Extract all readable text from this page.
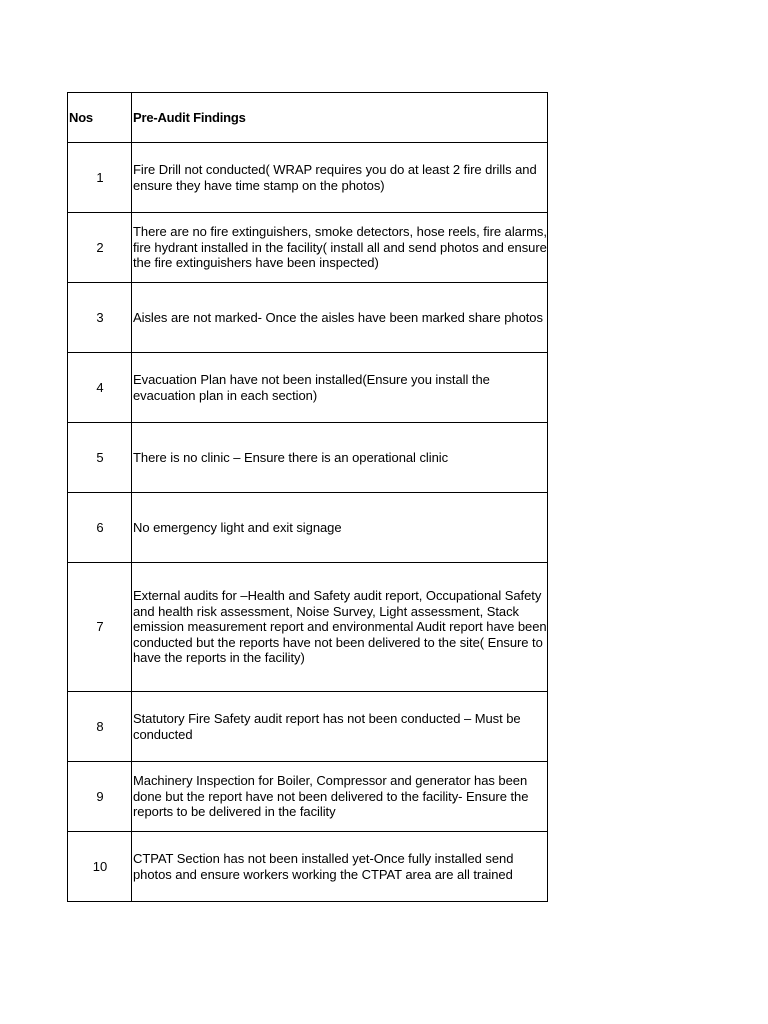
Nos	Pre-Audit Findings
1	Fire Drill not conducted( WRAP requires you do at least 2 fire drills and ensure they have time stamp on the photos)
2	There are no fire extinguishers, smoke detectors, hose reels, fire alarms, fire hydrant installed in the facility( install all and send photos and ensure the fire extinguishers have been inspected)
3	Aisles are not marked- Once the aisles have been marked share photos
4	Evacuation Plan have not been installed(Ensure you install the evacuation plan in each section)
5	There is no clinic – Ensure there is an operational clinic
6	No emergency light and exit signage
7	External audits for –Health and Safety audit report, Occupational Safety and health risk assessment, Noise Survey, Light assessment, Stack emission measurement report and environmental Audit report have been conducted but the reports have not been delivered to the site( Ensure to have the reports in the facility)
8	Statutory Fire Safety audit report has not been conducted – Must be conducted
9	Machinery Inspection for Boiler, Compressor and generator has been done but the report have not been delivered to the facility- Ensure the reports to be delivered in the facility
10	CTPAT Section has not been installed yet-Once fully installed send photos and ensure workers working the CTPAT area are all trained
